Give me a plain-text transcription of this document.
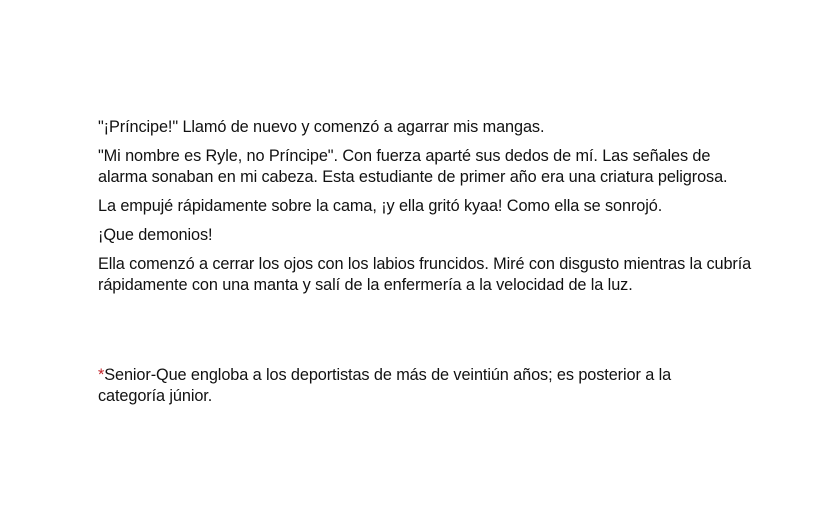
"¡Príncipe!" Llamó de nuevo y comenzó a agarrar mis mangas.

"Mi nombre es Ryle, no Príncipe". Con fuerza aparté sus dedos de mí. Las señales de alarma sonaban en mi cabeza. Esta estudiante de primer año era una criatura peligrosa.

La empujé rápidamente sobre la cama, ¡y ella gritó kyaa! Como ella se sonrojó.

¡Que demonios!

Ella comenzó a cerrar los ojos con los labios fruncidos. Miré con disgusto mientras la cubría rápidamente con una manta y salí de la enfermería a la velocidad de la luz.

*Senior-Que engloba a los deportistas de más de veintiún años; es posterior a la categoría júnior.
